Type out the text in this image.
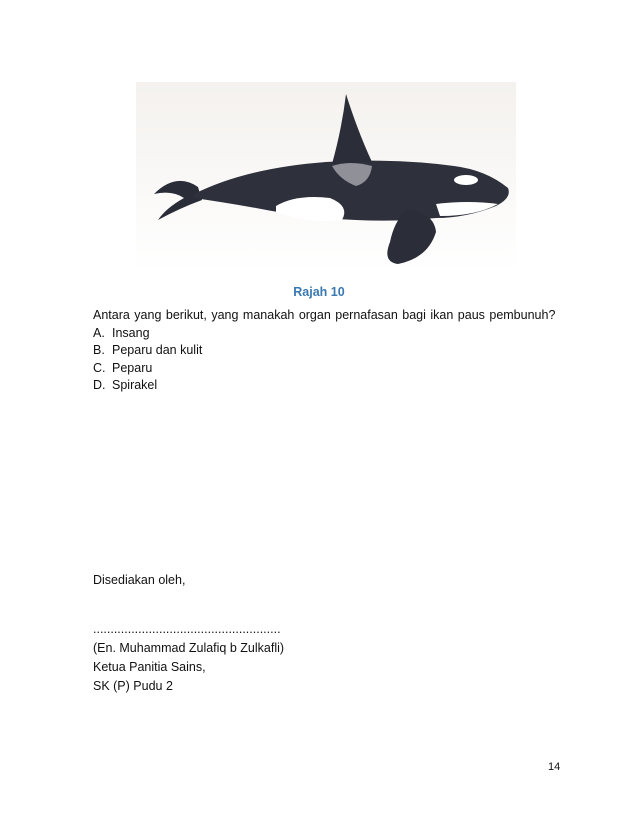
Rajah 10
Antara yang berikut, yang manakah organ pernafasan bagi ikan paus pembunuh?
A. Insang
B. Peparu dan kulit
C. Peparu
D. Spirakel
Disediakan oleh,
......................................................
(En. Muhammad Zulafiq b Zulkafli)
Ketua Panitia Sains,
SK (P) Pudu 2
14
